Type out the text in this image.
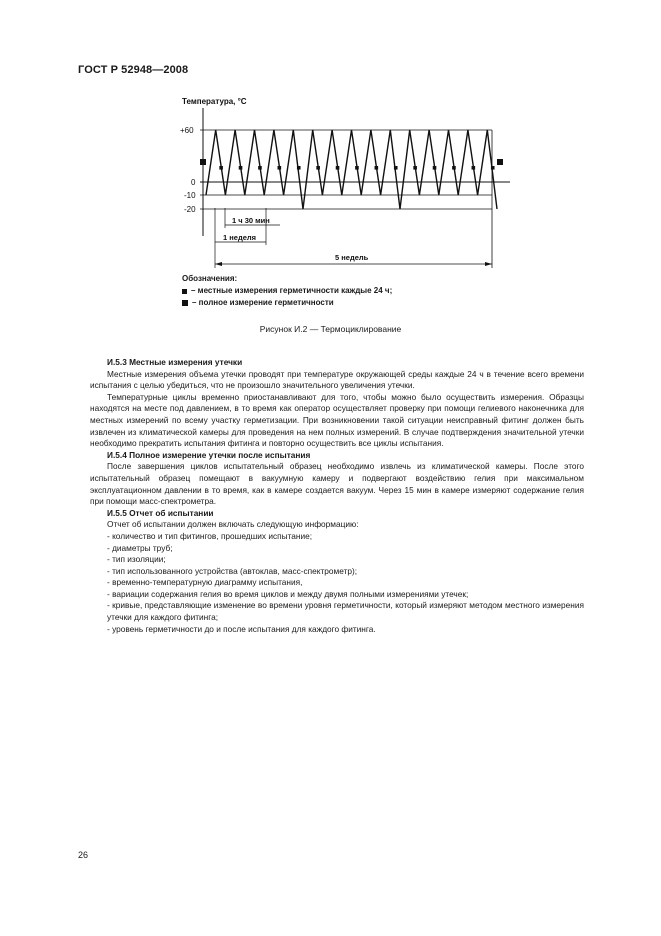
ГОСТ Р 52948—2008
Температура, °С
+60
0
-10
-20
1 ч 30 мин
1 неделя
5 недель
Обозначения:
– местные измерения герметичности каждые 24 ч;
– полное измерение герметичности
Рисунок И.2 — Термоциклирование
И.5.3 Местные измерения утечки

Местные измерения объема утечки проводят при температуре окружающей среды каждые 24 ч в течение всего времени испытания с целью убедиться, что не произошло значительного увеличения утечки.

Температурные циклы временно приостанавливают для того, чтобы можно было осуществить измерения. Образцы находятся на месте под давлением, в то время как оператор осуществляет проверку при помощи гелиевого наконечника для местных измерений по всему участку герметизации. При возникновении такой ситуации неисправный фитинг должен быть извлечен из климатической камеры для проведения на нем полных измерений. В случае подтверждения значительной утечки необходимо прекратить испытания фитинга и повторно осуществить все циклы испытания.

И.5.4 Полное измерение утечки после испытания

После завершения циклов испытательный образец необходимо извлечь из климатической камеры. После этого испытательный образец помещают в вакуумную камеру и подвергают воздействию гелия при максимальном эксплуатационном давлении в то время, как в камере создается вакуум. Через 15 мин в камере измеряют содержание гелия при помощи масс-спектрометра.

И.5.5 Отчет об испытании

Отчет об испытании должен включать следующую информацию:

- количество и тип фитингов, прошедших испытание;
- диаметры труб;
- тип изоляции;
- тип использованного устройства (автоклав, масс-спектрометр);
- временно-температурную диаграмму испытания,
- вариации содержания гелия во время циклов и между двумя полными измерениями утечек;
- кривые, представляющие изменение во времени уровня герметичности, который измеряют методом местного измерения утечки для каждого фитинга;
- уровень герметичности до и после испытания для каждого фитинга.
26
